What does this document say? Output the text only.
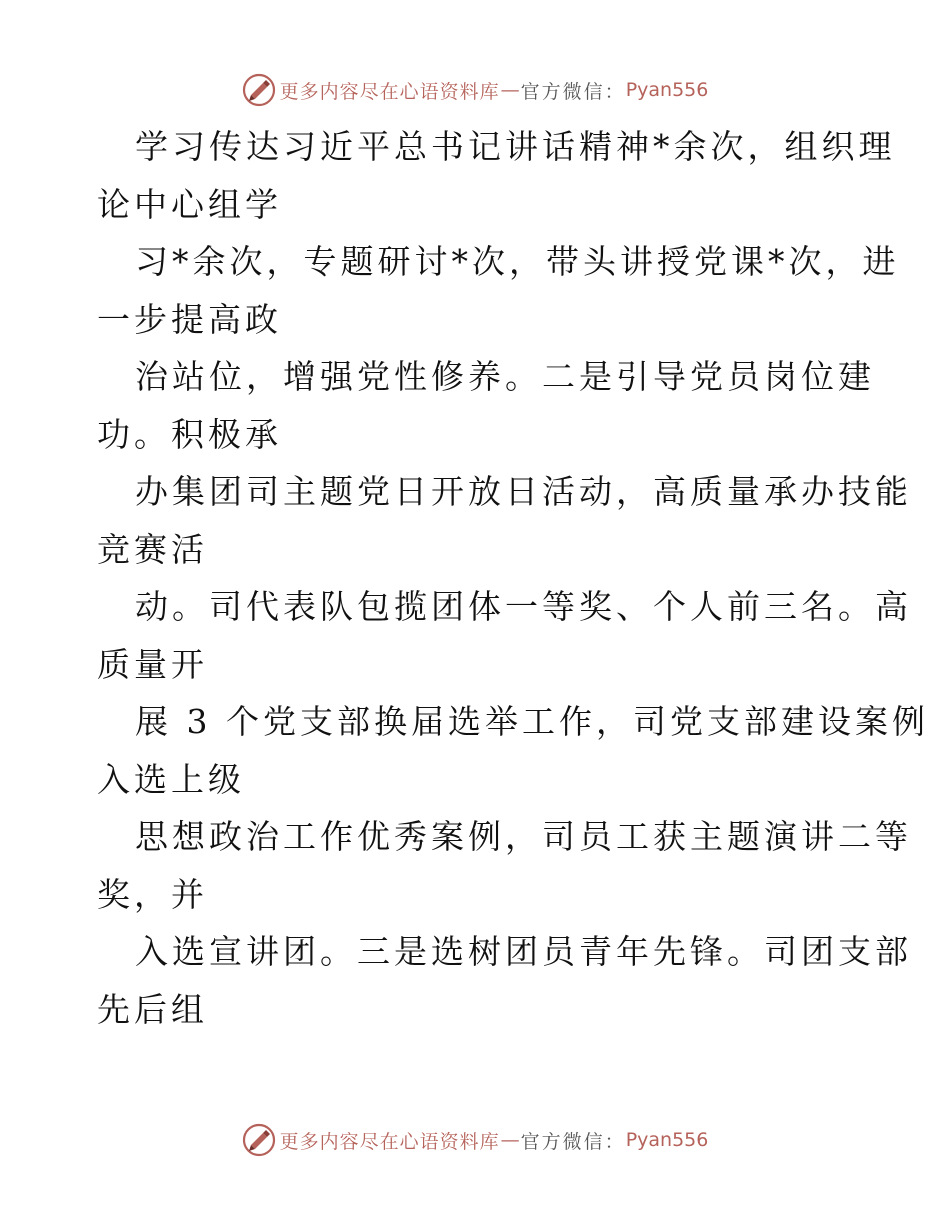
更多内容尽在心语资料库 — 官方微信： Pyan556
学习传达习近平总书记讲话精神*余次，组织理
论中心组学
习*余次，专题研讨*次，带头讲授党课*次，进
一步提高政
治站位，增强党性修养。二是引导党员岗位建
功。积极承
办集团司主题党日开放日活动，高质量承办技能
竞赛活
动。司代表队包揽团体一等奖、个人前三名。高
质量开
展 3 个党支部换届选举工作，司党支部建设案例
入选上级
思想政治工作优秀案例，司员工获主题演讲二等
奖，并
入选宣讲团。三是选树团员青年先锋。司团支部
先后组
更多内容尽在心语资料库 — 官方微信： Pyan556
